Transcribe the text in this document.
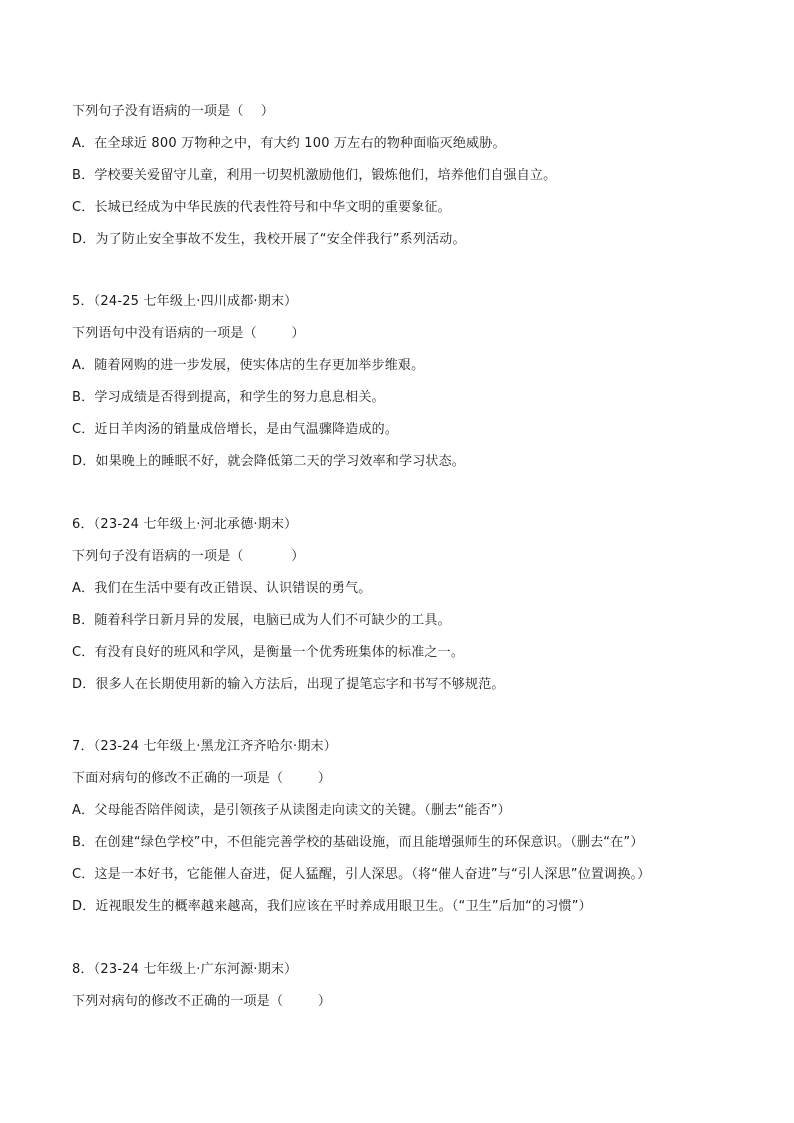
下列句子没有语病的一项是（    ）
A．在全球近 800 万物种之中，有大约 100 万左右的物种面临灭绝威胁。
B．学校要关爱留守儿童，利用一切契机激励他们，锻炼他们，培养他们自强自立。
C．长城已经成为中华民族的代表性符号和中华文明的重要象征。
D．为了防止安全事故不发生，我校开展了“安全伴我行”系列活动。
5．（24-25 七年级上·四川成都·期末）
下列语句中没有语病的一项是（        ）
A．随着网购的进一步发展，使实体店的生存更加举步维艰。
B．学习成绩是否得到提高，和学生的努力息息相关。
C．近日羊肉汤的销量成倍增长，是由气温骤降造成的。
D．如果晚上的睡眠不好，就会降低第二天的学习效率和学习状态。
6．（23-24 七年级上·河北承德·期末）
下列句子没有语病的一项是（           ）
A．我们在生活中要有改正错误、认识错误的勇气。
B．随着科学日新月异的发展，电脑已成为人们不可缺少的工具。
C．有没有良好的班风和学风，是衡量一个优秀班集体的标准之一。
D．很多人在长期使用新的输入方法后，出现了提笔忘字和书写不够规范。
7．（23-24 七年级上·黑龙江齐齐哈尔·期末）
下面对病句的修改不正确的一项是（        ）
A．父母能否陪伴阅读，是引领孩子从读图走向读文的关键。（删去“能否”）
B．在创建“绿色学校”中，不但能完善学校的基础设施，而且能增强师生的环保意识。（删去“在”）
C．这是一本好书，它能催人奋进，促人猛醒，引人深思。（将“催人奋进”与“引人深思”位置调换。）
D．近视眼发生的概率越来越高，我们应该在平时养成用眼卫生。（“卫生”后加“的习惯”）
8．（23-24 七年级上·广东河源·期末）
下列对病句的修改不正确的一项是（        ）
